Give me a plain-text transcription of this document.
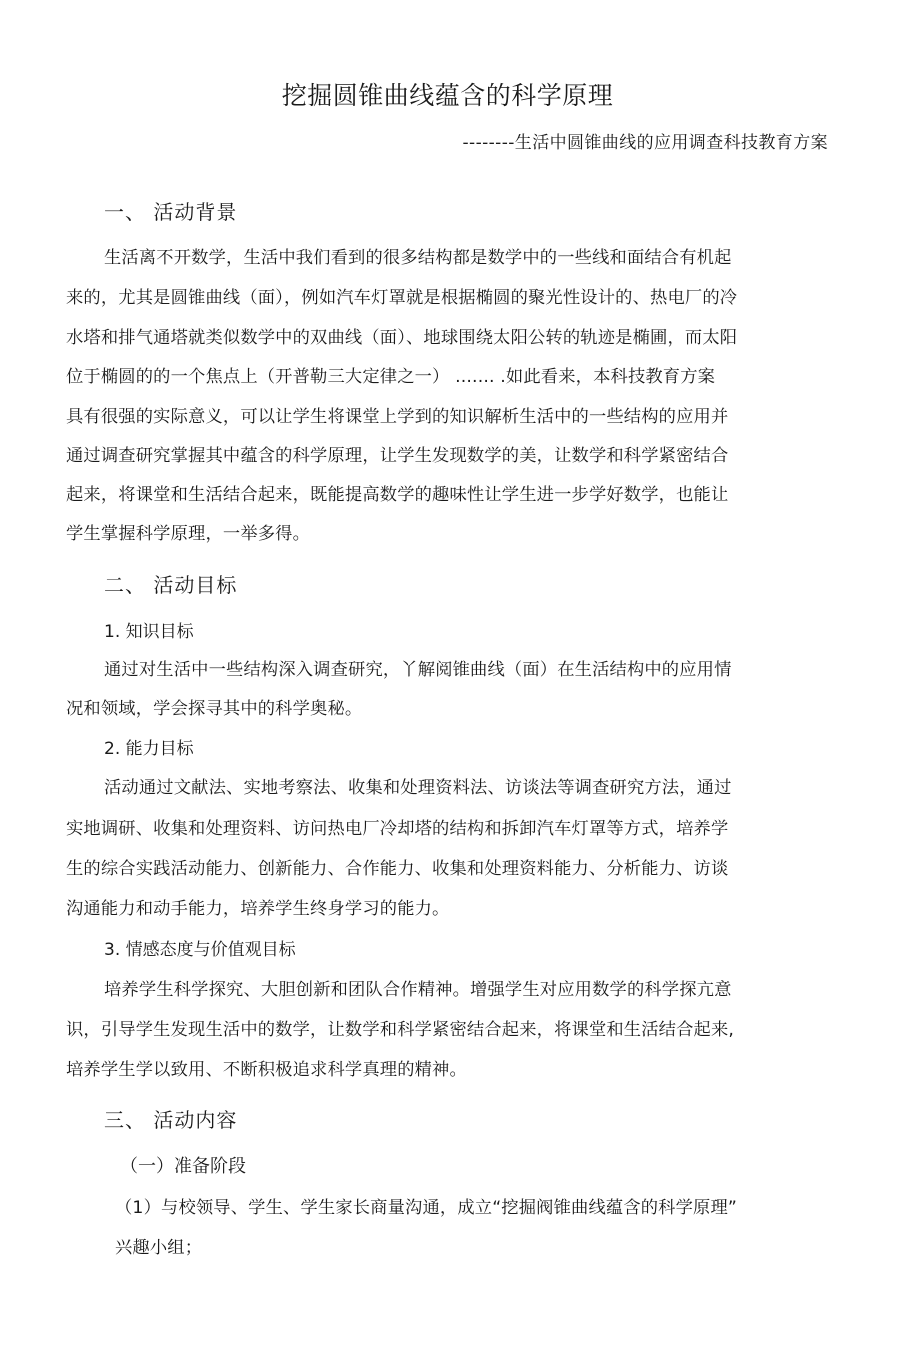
挖掘圆锥曲线蕴含的科学原理
--------生活中圆锥曲线的应用调查科技教育方案
一、 活动背景
生活离不开数学，生活中我们看到的很多结构都是数学中的一些线和面结合有机起
来的，尤其是圆锥曲线（面），例如汽车灯罩就是根据椭圆的聚光性设计的、热电厂的冷
水塔和排气通塔就类似数学中的双曲线（面）、地球围绕太阳公转的轨迹是椭圃，而太阳
位于椭圆的的一个焦点上（开普勒三大定律之一） ....... .如此看来，本科技教育方案
具有很强的实际意义，可以让学生将课堂上学到的知识解析生活中的一些结构的应用并
通过调查研究掌握其中蕴含的科学原理，让学生发现数学的美，让数学和科学紧密结合
起来，将课堂和生活结合起来，既能提高数学的趣味性让学生进一步学好数学，也能让
学生掌握科学原理，一举多得。
二、 活动目标
1. 知识目标
通过对生活中一些结构深入调查研究，丫解阅锥曲线（面）在生活结构中的应用情
况和领域，学会探寻其中的科学奥秘。
2. 能力目标
活动通过文献法、实地考察法、收集和处理资料法、访谈法等调查研究方法，通过
实地调研、收集和处理资料、访问热电厂冷却塔的结构和拆卸汽车灯罩等方式，培养学
生的综合实践活动能力、创新能力、合作能力、收集和处理资料能力、分析能力、访谈
沟通能力和动手能力，培养学生终身学习的能力。
3. 情感态度与价值观目标
培养学生科学探究、大胆创新和团队合作精神。增强学生对应用数学的科学探亢意
识，引导学生发现生活中的数学，让数学和科学紧密结合起来，将课堂和生活结合起来,
培养学生学以致用、不断积极追求科学真理的精神。
三、 活动内容
（一）准备阶段
（1）与校领导、学生、学生家长商量沟通，成立“挖掘阀锥曲线蕴含的科学原理”
兴趣小组；
